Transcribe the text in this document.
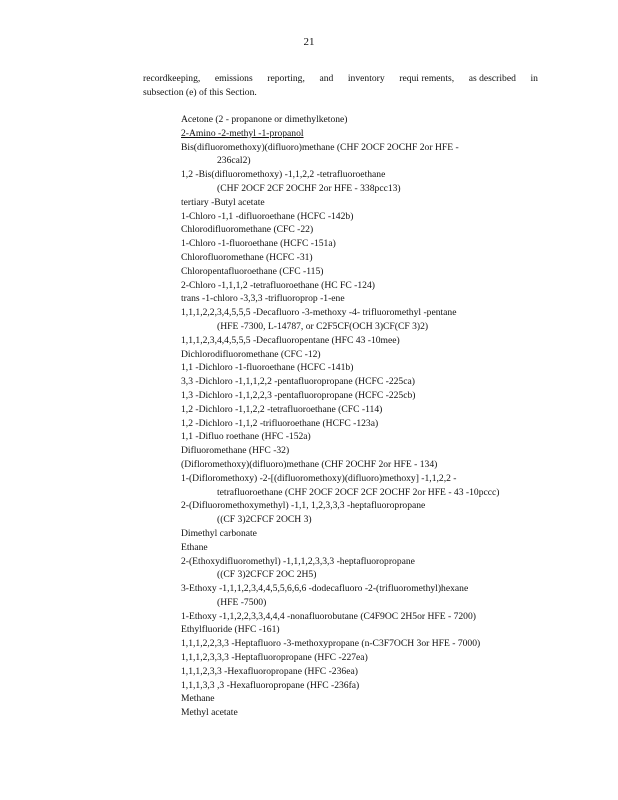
21
recordkeeping, emissions reporting, and inventory requi rements, as described in
subsection (e) of this Section.
Acetone (2 - propanone or dimethylketone)
2-Amino -2-methyl -1-propanol
Bis(difluoromethoxy)(difluoro)methane (CHF 2OCF 2OCHF 2or HFE -
236cal2)
1,2 -Bis(difluoromethoxy) -1,1,2,2 -tetrafluoroethane
(CHF 2OCF 2CF 2OCHF 2or HFE - 338pcc13)
tertiary -Butyl acetate
1-Chloro -1,1 -difluoroethane (HCFC -142b)
Chlorodifluoromethane (CFC -22)
1-Chloro -1-fluoroethane (HCFC -151a)
Chlorofluoromethane (HCFC -31)
Chloropentafluoroethane (CFC -115)
2-Chloro -1,1,1,2 -tetrafluoroethane (HC FC -124)
trans -1-chloro -3,3,3 -trifluoroprop -1-ene
1,1,1,2,2,3,4,5,5,5 -Decafluoro -3-methoxy -4- trifluoromethyl -pentane
(HFE -7300, L-14787, or C2F5CF(OCH 3)CF(CF 3)2)
1,1,1,2,3,4,4,5,5,5 -Decafluoropentane (HFC 43 -10mee)
Dichlorodifluoromethane (CFC -12)
1,1 -Dichloro -1-fluoroethane (HCFC -141b)
3,3 -Dichloro -1,1,1,2,2 -pentafluoropropane (HCFC -225ca)
1,3 -Dichloro -1,1,2,2,3 -pentafluoropropane (HCFC -225cb)
1,2 -Dichloro -1,1,2,2 -tetrafluoroethane (CFC -114)
1,2 -Dichloro -1,1,2 -trifluoroethane (HCFC -123a)
1,1 -Difluo roethane (HFC -152a)
Difluoromethane (HFC -32)
(Difloromethoxy)(difluoro)methane (CHF 2OCHF 2or HFE - 134)
1-(Difloromethoxy) -2-[(difluoromethoxy)(difluoro)methoxy] -1,1,2,2 -
tetrafluoroethane (CHF 2OCF 2OCF 2CF 2OCHF 2or HFE - 43 -10pccc)
2-(Difluoromethoxymethyl) -1,1, 1,2,3,3,3 -heptafluoropropane
((CF 3)2CFCF 2OCH 3)
Dimethyl carbonate
Ethane
2-(Ethoxydifluoromethyl) -1,1,1,2,3,3,3 -heptafluoropropane
((CF 3)2CFCF 2OC 2H5)
3-Ethoxy -1,1,1,2,3,4,4,5,5,6,6,6 -dodecafluoro -2-(trifluoromethyl)hexane
(HFE -7500)
1-Ethoxy -1,1,2,2,3,3,4,4,4 -nonafluorobutane (C4F9OC 2H5or HFE - 7200)
Ethylfluoride (HFC -161)
1,1,1,2,2,3,3 -Heptafluoro -3-methoxypropane (n-C3F7OCH 3or HFE - 7000)
1,1,1,2,3,3,3 -Heptafluoropropane (HFC -227ea)
1,1,1,2,3,3 -Hexafluoropropane (HFC -236ea)
1,1,1,3,3 ,3 -Hexafluoropropane (HFC -236fa)
Methane
Methyl acetate
